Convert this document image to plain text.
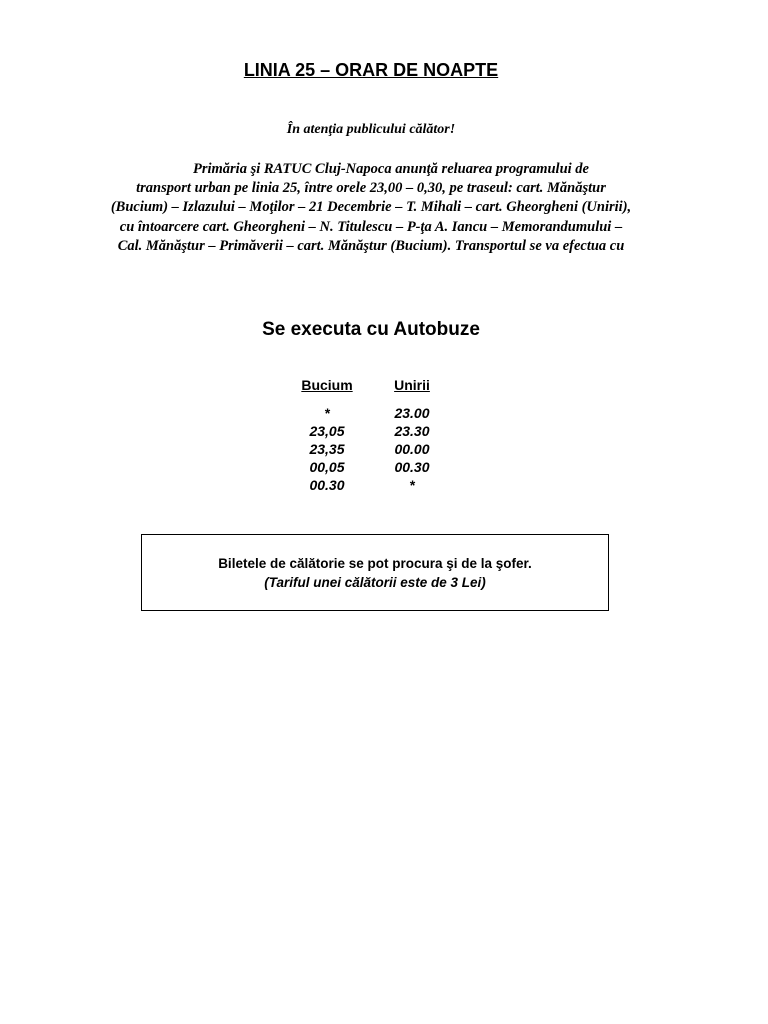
LINIA 25 – ORAR DE NOAPTE
În atenţia publicului călător!
Primăria şi RATUC Cluj-Napoca anunţă reluarea programului de
transport urban pe linia 25, între orele 23,00 – 0,30, pe traseul: cart. Mănăştur
(Bucium) – Izlazului – Moţilor – 21 Decembrie – T. Mihali – cart. Gheorgheni (Unirii),
cu întoarcere cart. Gheorgheni – N. Titulescu – P-ţa A. Iancu – Memorandumului –
Cal. Mănăştur – Primăverii – cart. Mănăştur (Bucium). Transportul se va efectua cu
Se executa cu Autobuze
Bucium	Unirii
*	23.00
23,05	23.30
23,35	00.00
00,05	00.30
00.30	*
Biletele de călătorie se pot procura şi de la şofer.
(Tariful unei călătorii este de 3 Lei)
